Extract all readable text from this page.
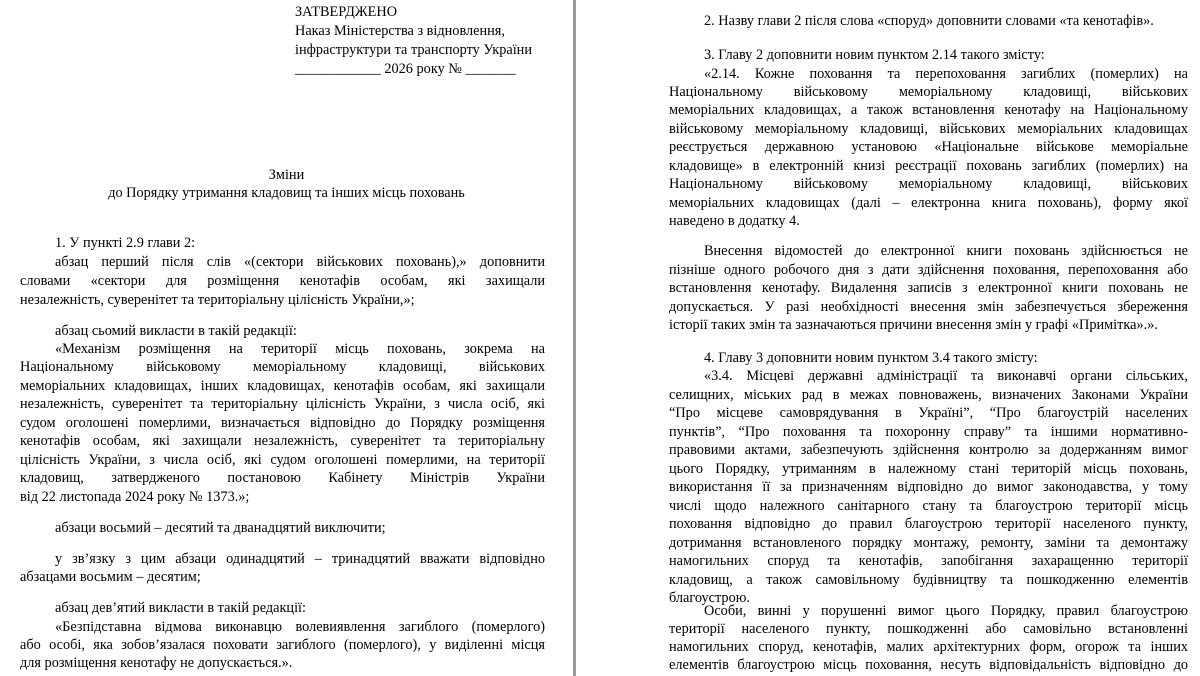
ЗАТВЕРДЖЕНО
Наказ Міністерства з відновлення,
інфраструктури та транспорту України
____________ 2026 року № _______
Зміни
до Порядку утримання кладовищ та інших місць поховань
1. У пункті 2.9 глави 2:
абзац перший після слів «(сектори військових поховань),» доповнити
словами «сектори для розміщення кенотафів особам, які захищали
незалежність, суверенітет та територіальну цілісність України,»;
абзац сьомий викласти в такій редакції:
«Механізм розміщення на території місць поховань, зокрема на
Національному військовому меморіальному кладовищі, військових
меморіальних кладовищах, інших кладовищах, кенотафів особам, які захищали
незалежність, суверенітет та територіальну цілісність України, з числа осіб, які
судом оголошені померлими, визначається відповідно до Порядку розміщення
кенотафів особам, які захищали незалежність, суверенітет та територіальну
цілісність України, з числа осіб, які судом оголошені померлими, на території
кладовищ, затвердженого постановою Кабінету Міністрів України
від 22 листопада 2024 року № 1373.»;
абзаци восьмий – десятий та дванадцятий виключити;
у зв’язку з цим абзаци одинадцятий – тринадцятий вважати відповідно
абзацами восьмим – десятим;
абзац дев’ятий викласти в такій редакції:
«Безпідставна відмова виконавцю волевиявлення загиблого (померлого)
або особі, яка зобов’язалася поховати загиблого (померлого), у виділенні місця
для розміщення кенотафу не допускається.».
2. Назву глави 2 після слова «споруд» доповнити словами «та кенотафів».
3. Главу 2 доповнити новим пунктом 2.14 такого змісту:
«2.14. Кожне поховання та перепоховання загиблих (померлих) на
Національному військовому меморіальному кладовищі, військових
меморіальних кладовищах, а також встановлення кенотафу на Національному
військовому меморіальному кладовищі, військових меморіальних кладовищах
реєструється державною установою «Національне військове меморіальне
кладовище» в електронній книзі реєстрації поховань загиблих (померлих) на
Національному військовому меморіальному кладовищі, військових
меморіальних кладовищах (далі – електронна книга поховань), форму якої
наведено в додатку 4.
Внесення відомостей до електронної книги поховань здійснюється не
пізніше одного робочого дня з дати здійснення поховання, перепоховання або
встановлення кенотафу. Видалення записів з електронної книги поховань не
допускається. У разі необхідності внесення змін забезпечується збереження
історії таких змін та зазначаються причини внесення змін у графі «Примітка».».
4. Главу 3 доповнити новим пунктом 3.4 такого змісту:
«3.4. Місцеві державні адміністрації та виконавчі органи сільських,
селищних, міських рад в межах повноважень, визначених Законами України
“Про місцеве самоврядування в Україні”, “Про благоустрій населених
пунктів”, “Про поховання та похоронну справу” та іншими нормативно-
правовими актами, забезпечують здійснення контролю за додержанням вимог
цього Порядку, утриманням в належному стані територій місць поховань,
використання її за призначенням відповідно до вимог законодавства, у тому
числі щодо належного санітарного стану та благоустрою території місць
поховання відповідно до правил благоустрою території населеного пункту,
дотримання встановленого порядку монтажу, ремонту, заміни та демонтажу
намогильних споруд та кенотафів, запобігання захаращенню території
кладовищ, а також самовільному будівництву та пошкодженню елементів
благоустрою.
Особи, винні у порушенні вимог цього Порядку, правил благоустрою
території населеного пункту, пошкодженні або самовільно встановленні
намогильних споруд, кенотафів, малих архітектурних форм, огорож та інших
елементів благоустрою місць поховання, несуть відповідальність відповідно до
